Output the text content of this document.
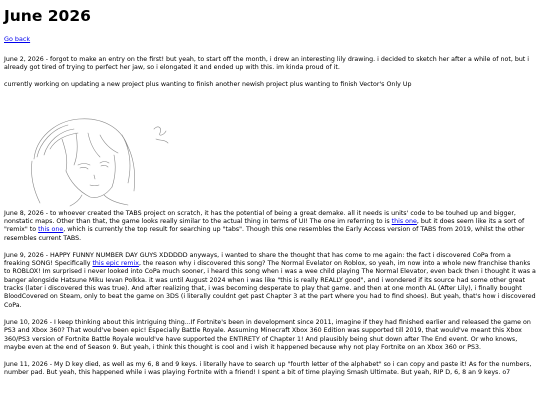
June 2026
Go back

June 2, 2026 - forgot to make an entry on the first! but yeah, to start off the month, i drew an interesting lily drawing. i decided to sketch her after a while of not, but i already got tired of trying to perfect her jaw, so i elongated it and ended up with this. im kinda proud of it.

currently working on updating a new project plus wanting to finish another newish project plus wanting to finish Vector's Only Up

June 8, 2026 - to whoever created the TABS project on scratch, it has the potential of being a great demake. all it needs is units' code to be touhed up and bigger, nonstatic maps. Other than that, the game looks really similar to the actual thing in terms of UI! The one im referring to is this one, but it does seem like its a sort of "remix" to this one, which is currently the top result for searching up "tabs". Though this one resembles the Early Access version of TABS from 2019, whilst the other resembles current TABS.

June 9, 2026 - HAPPY FUNNY NUMBER DAY GUYS XDDDDD anyways, i wanted to share the thought that has come to me again: the fact i discovered CoPa from a freaking SONG! Specifically this epic remix, the reason why i discovered this song? The Normal Evelator on Roblox, so yeah, im now into a whole new franchise thanks to ROBLOX! Im surprised i never looked into CoPa much sooner, i heard this song when i was a wee child playing The Normal Elevator, even back then i thought it was a banger alongside Hatsune Miku Ievan Polkka. it was until August 2024 when i was like "this is really REALLY good", and i wondered if its source had some other great tracks (later i discovered this was true). And after realizing that, i was becoming desperate to play that game. and then at one month AL (After Lily), i finally bought BloodCovered on Steam, only to beat the game on 3DS (i literally couldnt get past Chapter 3 at the part where you had to find shoes). But yeah, that's how i discovered CoPa.

June 10, 2026 - I keep thinking about this intriguing thing...If Fortnite's been in development since 2011, imagine if they had finished earlier and released the game on PS3 and Xbox 360? That would've been epic! Especially Battle Royale. Assuming Minecraft Xbox 360 Edition was supported till 2019, that would've meant this Xbox 360/PS3 version of Fortnite Battle Royale would've have supported the ENTIRETY of Chapter 1! And plausibly being shut down after The End event. Or who knows, maybe even at the end of Season 9. But yeah, i think this thought is cool and i wish it happened because why not play Fortnite on an Xbox 360 or PS3.

June 11, 2026 - My D key died, as well as my 6, 8 and 9 keys. i literally have to search up "fourth letter of the alphabet" so i can copy and paste it! As for the numbers, number pad. But yeah, this happened while i was playing Fortnite with a friend! I spent a bit of time playing Smash Ultimate. But yeah, RIP D, 6, 8 an 9 keys. o7
